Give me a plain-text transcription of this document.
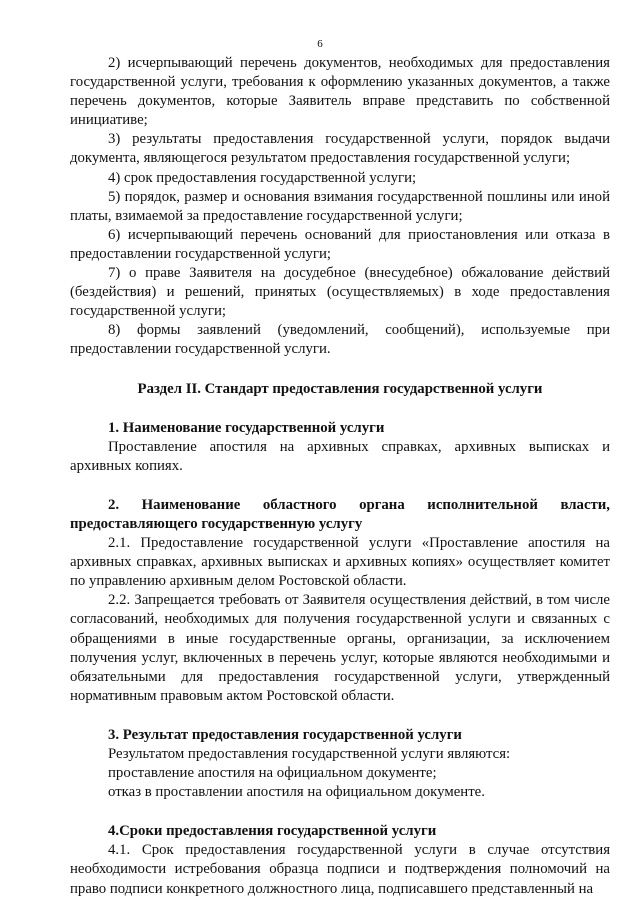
6

2) исчерпывающий перечень документов, необходимых для предоставления государственной услуги, требования к оформлению указанных документов, а также перечень документов, которые Заявитель вправе представить по собственной инициативе;

3) результаты предоставления государственной услуги, порядок выдачи документа, являющегося результатом предоставления государственной услуги;

4) срок предоставления государственной услуги;

5) порядок, размер и основания взимания государственной пошлины или иной платы, взимаемой за предоставление государственной услуги;

6) исчерпывающий перечень оснований для приостановления или отказа в предоставлении государственной услуги;

7) о праве Заявителя на досудебное (внесудебное) обжалование действий (бездействия) и решений, принятых (осуществляемых) в ходе предоставления государственной услуги;

8) формы заявлений (уведомлений, сообщений), используемые при предоставлении государственной услуги.

Раздел II. Стандарт предоставления государственной услуги

1. Наименование государственной услуги

Проставление апостиля на архивных справках, архивных выписках и архивных копиях.

2. Наименование областного органа исполнительной власти, предоставляющего государственную услугу

2.1. Предоставление государственной услуги «Проставление апостиля на архивных справках, архивных выписках и архивных копиях» осуществляет комитет по управлению архивным делом Ростовской области.

2.2. Запрещается требовать от Заявителя осуществления действий, в том числе согласований, необходимых для получения государственной услуги и связанных с обращениями в иные государственные органы, организации, за исключением получения услуг, включенных в перечень услуг, которые являются необходимыми и обязательными для предоставления государственной услуги, утвержденный нормативным правовым актом Ростовской области.

3. Результат предоставления государственной услуги

Результатом предоставления государственной услуги являются:

проставление апостиля на официальном документе;

отказ в проставлении апостиля на официальном документе.

4.Сроки предоставления государственной услуги

4.1. Срок предоставления государственной услуги в случае отсутствия необходимости истребования образца подписи и подтверждения полномочий на право подписи конкретного должностного лица, подписавшего представленный на
